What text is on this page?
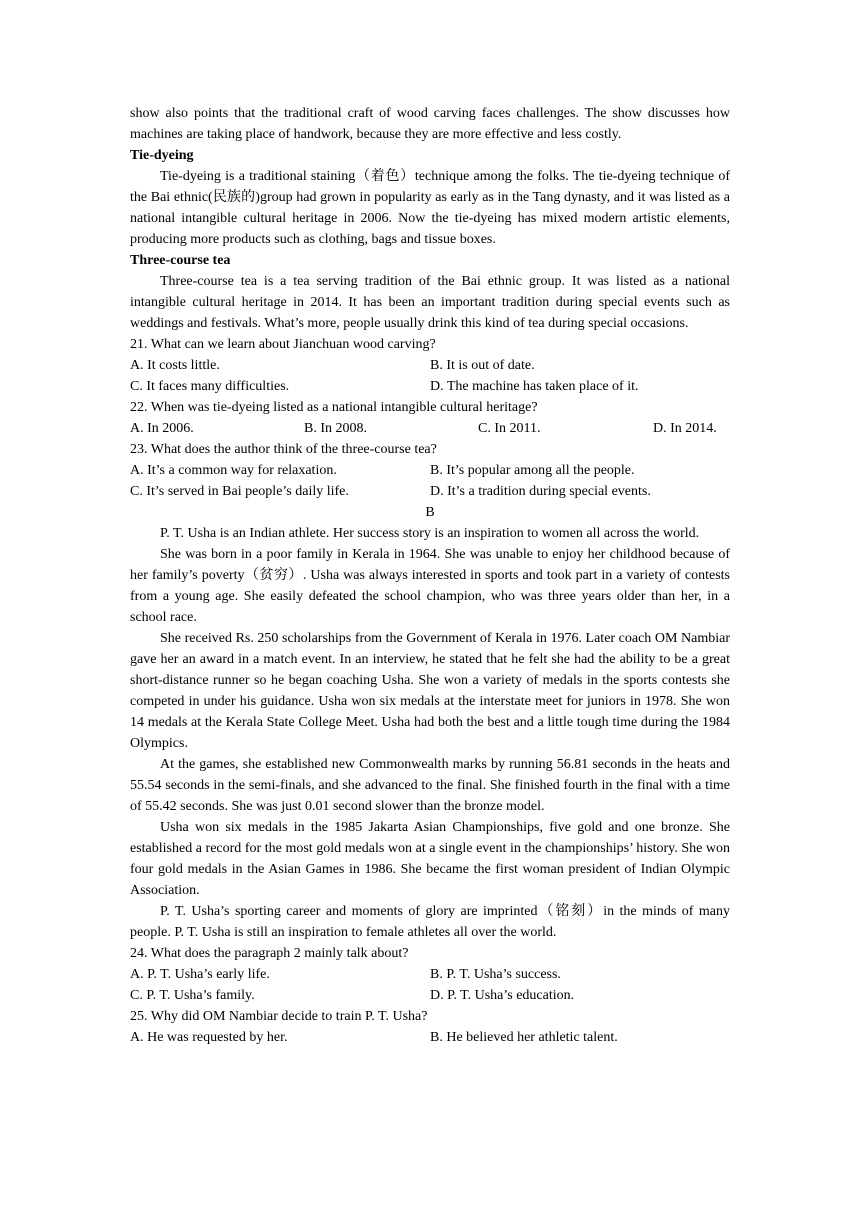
show also points that the traditional craft of wood carving faces challenges. The show discusses how machines are taking place of handwork, because they are more effective and less costly.

Tie-dyeing

Tie-dyeing is a traditional staining（着色）technique among the folks. The tie-dyeing technique of the Bai ethnic(民族的)group had grown in popularity as early as in the Tang dynasty, and it was listed as a national intangible cultural heritage in 2006. Now the tie-dyeing has mixed modern artistic elements, producing more products such as clothing, bags and tissue boxes.

Three-course tea

Three-course tea is a tea serving tradition of the Bai ethnic group. It was listed as a national intangible cultural heritage in 2014. It has been an important tradition during special events such as weddings and festivals. What’s more, people usually drink this kind of tea during special occasions.

21. What can we learn about Jianchuan wood carving?

A. It costs little.	B. It is out of date.
C. It faces many difficulties.	D. The machine has taken place of it.

22. When was tie-dyeing listed as a national intangible cultural heritage?

A. In 2006.	B. In 2008.	C. In 2011.	D. In 2014.

23. What does the author think of the three-course tea?

A. It’s a common way for relaxation.	B. It’s popular among all the people.
C. It’s served in Bai people’s daily life.	D. It’s a tradition during special events.

B

P. T. Usha is an Indian athlete. Her success story is an inspiration to women all across the world.

She was born in a poor family in Kerala in 1964. She was unable to enjoy her childhood because of her family’s poverty（贫穷）. Usha was always interested in sports and took part in a variety of contests from a young age. She easily defeated the school champion, who was three years older than her, in a school race.

She received Rs. 250 scholarships from the Government of Kerala in 1976. Later coach OM Nambiar gave her an award in a match event. In an interview, he stated that he felt she had the ability to be a great short-distance runner so he began coaching Usha. She won a variety of medals in the sports contests she competed in under his guidance. Usha won six medals at the interstate meet for juniors in 1978. She won 14 medals at the Kerala State College Meet. Usha had both the best and a little tough time during the 1984 Olympics.

At the games, she established new Commonwealth marks by running 56.81 seconds in the heats and 55.54 seconds in the semi-finals, and she advanced to the final. She finished fourth in the final with a time of 55.42 seconds. She was just 0.01 second slower than the bronze model.

Usha won six medals in the 1985 Jakarta Asian Championships, five gold and one bronze. She established a record for the most gold medals won at a single event in the championships’ history. She won four gold medals in the Asian Games in 1986. She became the first woman president of Indian Olympic Association.

P. T. Usha’s sporting career and moments of glory are imprinted（铭刻）in the minds of many people. P. T. Usha is still an inspiration to female athletes all over the world.

24. What does the paragraph 2 mainly talk about?

A. P. T. Usha’s early life.	B. P. T. Usha’s success.
C. P. T. Usha’s family.	D. P. T. Usha’s education.

25. Why did OM Nambiar decide to train P. T. Usha?

A. He was requested by her.	B. He believed her athletic talent.
